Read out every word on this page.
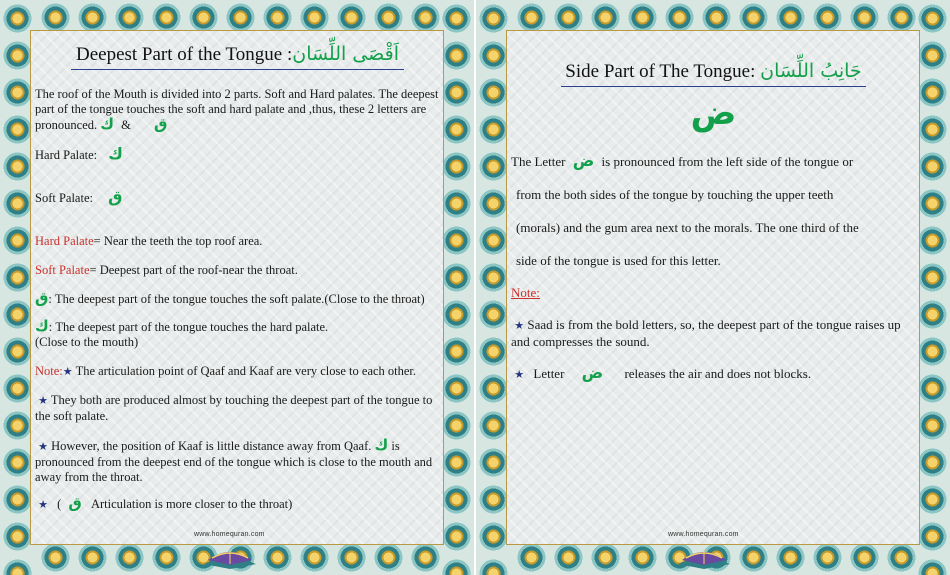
Deepest Part of the Tongue :اَقْصَى اللِّسَان
The roof of the Mouth is divided into 2 parts. Soft and Hard palates. The deepest part of the tongue touches the soft and hard palate and ,thus, these 2 letters are pronounced.	ق & ك
Hard Palate: ك
Soft Palate: ق
Hard Palate= Near the teeth the top roof area.
Soft Palate= Deepest part of the roof-near the throat.
ق: The deepest part of the tongue touches the soft palate.(Close to the throat)
ك: The deepest part of the tongue touches the hard palate.
(Close to the mouth)
Note:★ The articulation point of Qaaf and Kaaf are very close to each other.
★ They both are produced almost by touching the deepest part of the tongue to the soft palate.
★ However, the position of Kaaf is little distance away from Qaaf. ك is pronounced from the deepest end of the tongue which is close to the mouth and away from the throat.
★ ( ق Articulation is more closer to the throat)
www.homequran.com
Side Part of The Tongue: جَانِبُ اللِّسَان
ض
The Letter ض is pronounced from the left side of the tongue or
from the both sides of the tongue by touching the upper teeth
(morals) and the gum area next to the morals. The one third of the
side of the tongue is used for this letter.
Note:
★ Saad is from the bold letters, so, the deepest part of the tongue raises up and compresses the sound.
★ Letter ض releases the air and does not blocks.
www.homequran.com
